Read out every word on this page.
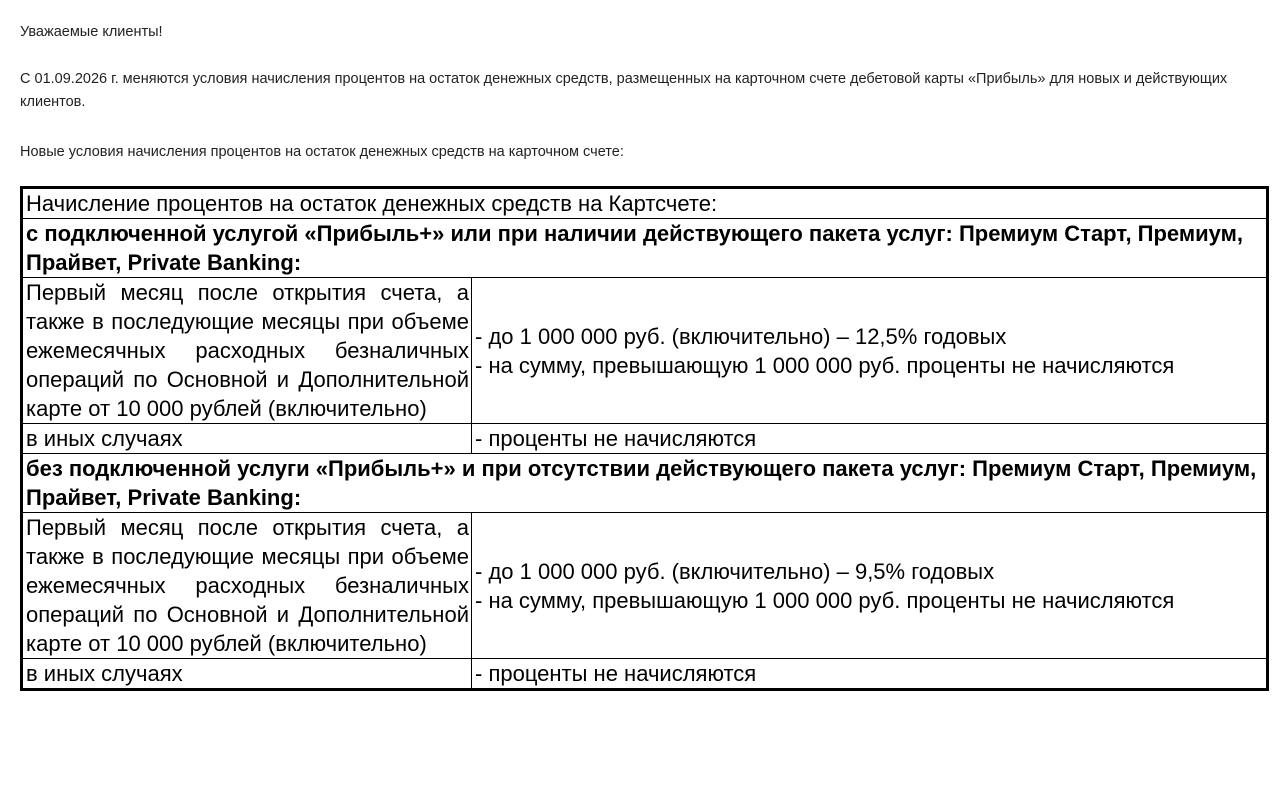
Уважаемые клиенты!
С 01.09.2026 г. меняются условия начисления процентов на остаток денежных средств, размещенных на карточном счете дебетовой карты «Прибыль» для новых и действующих клиентов.
Новые условия начисления процентов на остаток денежных средств на карточном счете:
Начисление процентов на остаток денежных средств на Картсчете:	
с подключенной услугой «Прибыль+» или при наличии действующего пакета услуг: Премиум Старт, Премиум, Прайвет, Private Banking:	
Первый месяц после открытия счета, а также в последующие месяцы при объеме ежемесячных расходных безналичных операций по Основной и Дополнительной карте от 10 000 рублей (включительно)	- до 1 000 000 руб. (включительно) – 12,5% годовых
- на сумму, превышающую 1 000 000 руб. проценты не начисляются

в иных случаях	- проценты не начисляются
без подключенной услуги «Прибыль+» и при отсутствии действующего пакета услуг: Премиум Старт, Премиум, Прайвет, Private Banking:	
Первый месяц после открытия счета, а также в последующие месяцы при объеме ежемесячных расходных безналичных операций по Основной и Дополнительной карте от 10 000 рублей (включительно)	- до 1 000 000 руб. (включительно) – 9,5% годовых
- на сумму, превышающую 1 000 000 руб. проценты не начисляются

в иных случаях	- проценты не начисляются
